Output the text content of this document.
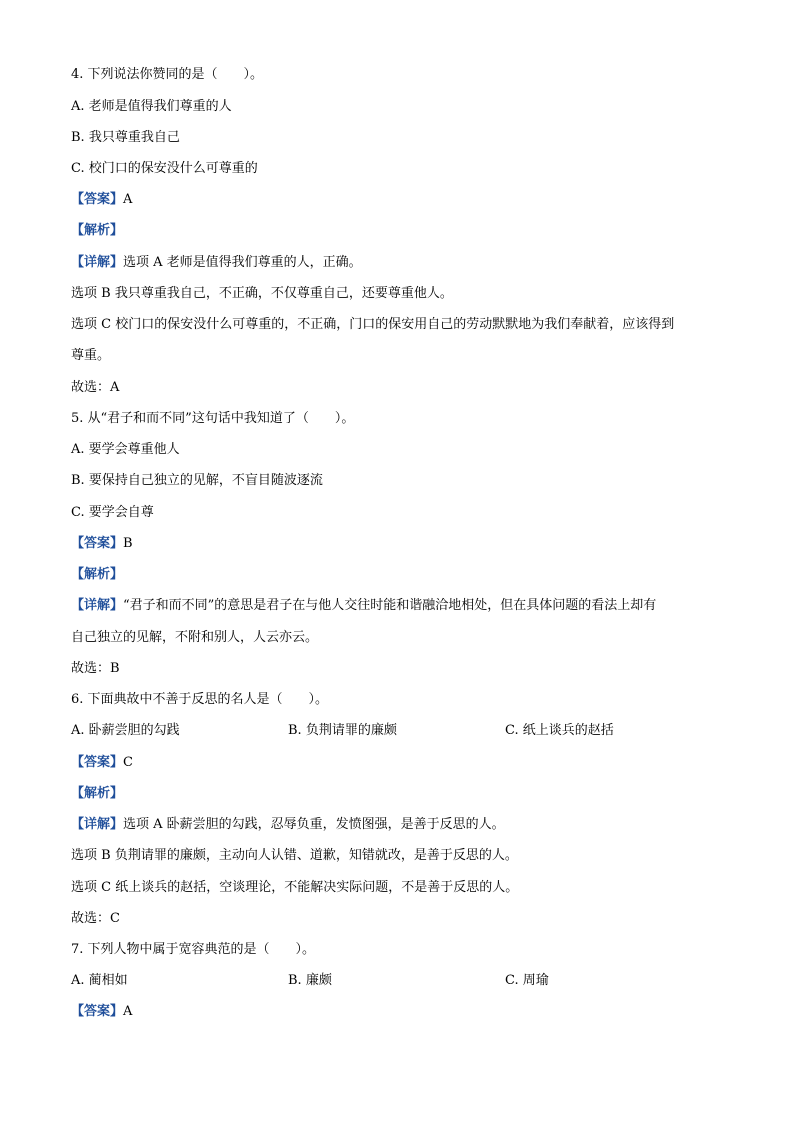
4. 下列说法你赞同的是（　　）。
A. 老师是值得我们尊重的人
B. 我只尊重我自己
C. 校门口的保安没什么可尊重的
【答案】A
【解析】
【详解】选项 A 老师是值得我们尊重的人，正确。
选项 B 我只尊重我自己，不正确，不仅尊重自己，还要尊重他人。
选项 C 校门口的保安没什么可尊重的，不正确，门口的保安用自己的劳动默默地为我们奉献着，应该得到
尊重。
故选：A
5. 从“君子和而不同”这句话中我知道了（　　）。
A. 要学会尊重他人
B. 要保持自己独立的见解，不盲目随波逐流
C. 要学会自尊
【答案】B
【解析】
【详解】“君子和而不同”的意思是君子在与他人交往时能和谐融洽地相处，但在具体问题的看法上却有
自己独立的见解，不附和别人，人云亦云。
故选：B
6. 下面典故中不善于反思的名人是（　　）。
A. 卧薪尝胆的勾践	B. 负荆请罪的廉颇	C. 纸上谈兵的赵括
【答案】C
【解析】
【详解】选项 A 卧薪尝胆的勾践，忍辱负重，发愤图强，是善于反思的人。
选项 B 负荆请罪的廉颇，主动向人认错、道歉，知错就改，是善于反思的人。
选项 C 纸上谈兵的赵括，空谈理论，不能解决实际问题，不是善于反思的人。
故选：C
7. 下列人物中属于宽容典范的是（　　）。
A. 蔺相如	B. 廉颇	C. 周瑜
【答案】A
